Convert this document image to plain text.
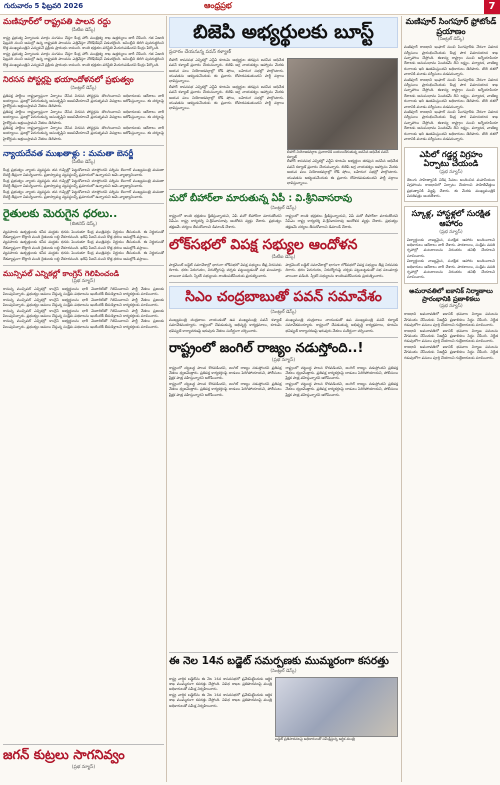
గురువారం 5 ఫిబ్రవరి 2026	ఆంధ్రప్రభ	7
మణిపూర్‌లో రాష్ట్రపతి పాలన రద్దు
(పీటీఐ డెస్క్)

రాష్ట్ర ప్రభుత్వ ఏర్పాటుకు మార్గం సుగమం చేస్తూ కేంద్ర హోం మంత్రిత్వ శాఖ ఉత్తర్వులు జారీ చేసింది. గత ఏడాది ఫిబ్రవరి నుంచి అమల్లో ఉన్న రాష్ట్రపతి పాలనను ఎత్తివేస్తూ నోటిఫికేషన్ విడుదలైంది. అసెంబ్లీని తిరిగి పునరుద్ధరించి కొత్త ముఖ్యమంత్రిని ఎన్నుకునే ప్రక్రియ ప్రారంభం కానుంది. శాంతి భద్రతల పరిస్థితి మెరుగుపడిందని కేంద్రం పేర్కొంది.

రాష్ట్ర ప్రభుత్వ ఏర్పాటుకు మార్గం సుగమం చేస్తూ కేంద్ర హోం మంత్రిత్వ శాఖ ఉత్తర్వులు జారీ చేసింది. గత ఏడాది ఫిబ్రవరి నుంచి అమల్లో ఉన్న రాష్ట్రపతి పాలనను ఎత్తివేస్తూ నోటిఫికేషన్ విడుదలైంది. అసెంబ్లీని తిరిగి పునరుద్ధరించి కొత్త ముఖ్యమంత్రిని ఎన్నుకునే ప్రక్రియ ప్రారంభం కానుంది. శాంతి భద్రతల పరిస్థితి మెరుగుపడిందని కేంద్రం పేర్కొంది.

నిరసన పోస్టర్లపై భయాందోళనలో ప్రభుత్వం
(సెంట్రల్ డెస్క్)

ప్రతిపక్ష పార్టీలు రాష్ట్రవ్యాప్తంగా ఏర్పాటు చేసిన నిరసన పోస్టర్లను తొలగించాలని అధికారులకు ఆదేశాలు జారీ అయ్యాయి. ప్రజల్లో పెరుగుతున్న అసంతృప్తిని అణచివేయాలనే ప్రయత్నమని విపక్షాలు ఆరోపిస్తున్నాయి. ఈ చర్యలపై హైకోర్టును ఆశ్రయిస్తామని నేతలు తెలిపారు.

ప్రతిపక్ష పార్టీలు రాష్ట్రవ్యాప్తంగా ఏర్పాటు చేసిన నిరసన పోస్టర్లను తొలగించాలని అధికారులకు ఆదేశాలు జారీ అయ్యాయి. ప్రజల్లో పెరుగుతున్న అసంతృప్తిని అణచివేయాలనే ప్రయత్నమని విపక్షాలు ఆరోపిస్తున్నాయి. ఈ చర్యలపై హైకోర్టును ఆశ్రయిస్తామని నేతలు తెలిపారు.

ప్రతిపక్ష పార్టీలు రాష్ట్రవ్యాప్తంగా ఏర్పాటు చేసిన నిరసన పోస్టర్లను తొలగించాలని అధికారులకు ఆదేశాలు జారీ అయ్యాయి. ప్రజల్లో పెరుగుతున్న అసంతృప్తిని అణచివేయాలనే ప్రయత్నమని విపక్షాలు ఆరోపిస్తున్నాయి. ఈ చర్యలపై హైకోర్టును ఆశ్రయిస్తామని నేతలు తెలిపారు.

న్యాయదేవత ముఖతాళ్లు : మమతా బెనర్జీ
(పీటీఐ డెస్క్)

కేంద్ర ప్రభుత్వం న్యాయ వ్యవస్థను తన గుప్పిట్లో పెట్టుకోవాలని చూస్తోందని పశ్చిమ బెంగాల్ ముఖ్యమంత్రి మమతా బెనర్జీ తీవ్రంగా విమర్శించారు. ప్రజాస్వామ్య వ్యవస్థలన్నీ ప్రమాదంలో ఉన్నాయని ఆమె వ్యాఖ్యానించారు.

కేంద్ర ప్రభుత్వం న్యాయ వ్యవస్థను తన గుప్పిట్లో పెట్టుకోవాలని చూస్తోందని పశ్చిమ బెంగాల్ ముఖ్యమంత్రి మమతా బెనర్జీ తీవ్రంగా విమర్శించారు. ప్రజాస్వామ్య వ్యవస్థలన్నీ ప్రమాదంలో ఉన్నాయని ఆమె వ్యాఖ్యానించారు.

కేంద్ర ప్రభుత్వం న్యాయ వ్యవస్థను తన గుప్పిట్లో పెట్టుకోవాలని చూస్తోందని పశ్చిమ బెంగాల్ ముఖ్యమంత్రి మమతా బెనర్జీ తీవ్రంగా విమర్శించారు. ప్రజాస్వామ్య వ్యవస్థలన్నీ ప్రమాదంలో ఉన్నాయని ఆమె వ్యాఖ్యానించారు.

రైతులకు మెరుగైన ధరలు..
(బిజినెస్ డెస్క్)

వ్యవసాయ ఉత్పత్తులకు కనీస మద్దతు ధరను పెంచుతూ కేంద్ర మంత్రివర్గం నిర్ణయం తీసుకుంది. ఈ నిర్ణయంతో దేశవ్యాప్తంగా కోట్లాది మంది రైతులకు లబ్ధి చేకూరనుంది. ఖరీఫ్ సీజన్ నుంచి కొత్త ధరలు అమల్లోకి వస్తాయి.

వ్యవసాయ ఉత్పత్తులకు కనీస మద్దతు ధరను పెంచుతూ కేంద్ర మంత్రివర్గం నిర్ణయం తీసుకుంది. ఈ నిర్ణయంతో దేశవ్యాప్తంగా కోట్లాది మంది రైతులకు లబ్ధి చేకూరనుంది. ఖరీఫ్ సీజన్ నుంచి కొత్త ధరలు అమల్లోకి వస్తాయి.

వ్యవసాయ ఉత్పత్తులకు కనీస మద్దతు ధరను పెంచుతూ కేంద్ర మంత్రివర్గం నిర్ణయం తీసుకుంది. ఈ నిర్ణయంతో దేశవ్యాప్తంగా కోట్లాది మంది రైతులకు లబ్ధి చేకూరనుంది. ఖరీఫ్ సీజన్ నుంచి కొత్త ధరలు అమల్లోకి వస్తాయి.

మున్సిపల్ ఎన్నికల్లో కాంగ్రెస్‌ గెలిపించండి
(ప్రభ న్యూస్)

రానున్న మున్సిపల్ ఎన్నికల్లో కాంగ్రెస్ అభ్యర్థులను భారీ మెజారిటీతో గెలిపించాలని పార్టీ నేతలు ప్రజలకు పిలుపునిచ్చారు. ప్రభుత్వం అమలు చేస్తున్న సంక్షేమ పథకాలను ఇంటింటికీ తీసుకెళ్లాలని కార్యకర్తలకు సూచించారు.

రానున్న మున్సిపల్ ఎన్నికల్లో కాంగ్రెస్ అభ్యర్థులను భారీ మెజారిటీతో గెలిపించాలని పార్టీ నేతలు ప్రజలకు పిలుపునిచ్చారు. ప్రభుత్వం అమలు చేస్తున్న సంక్షేమ పథకాలను ఇంటింటికీ తీసుకెళ్లాలని కార్యకర్తలకు సూచించారు.

రానున్న మున్సిపల్ ఎన్నికల్లో కాంగ్రెస్ అభ్యర్థులను భారీ మెజారిటీతో గెలిపించాలని పార్టీ నేతలు ప్రజలకు పిలుపునిచ్చారు. ప్రభుత్వం అమలు చేస్తున్న సంక్షేమ పథకాలను ఇంటింటికీ తీసుకెళ్లాలని కార్యకర్తలకు సూచించారు.

రానున్న మున్సిపల్ ఎన్నికల్లో కాంగ్రెస్ అభ్యర్థులను భారీ మెజారిటీతో గెలిపించాలని పార్టీ నేతలు ప్రజలకు పిలుపునిచ్చారు. ప్రభుత్వం అమలు చేస్తున్న సంక్షేమ పథకాలను ఇంటింటికీ తీసుకెళ్లాలని కార్యకర్తలకు సూచించారు.

జగన్ కుట్రలు సాగనివ్వం
(ప్రభ న్యూస్)
బిజెపి అభ్యర్థులకు బూస్ట్
ప్రచారం చేయనున్న పవన్ కళ్యాణ్

బీహార్ శాసనసభ ఎన్నికల్లో ఎన్డీఏ కూటమి అభ్యర్థుల తరఫున జనసేన అధినేత పవన్ కళ్యాణ్ ప్రచారం చేయనున్నారు. బిజెపి అగ్ర నాయకత్వం ఆహ్వానం మేరకు ఆయన పలు నియోజకవర్గాల్లో రోడ్ షోలు, బహిరంగ సభల్లో పాల్గొంటారు. యువతను ఆకట్టుకునేందుకు ఈ ప్రచారం దోహదపడుతుందని పార్టీ వర్గాలు భావిస్తున్నాయి.

బీహార్ శాసనసభ ఎన్నికల్లో ఎన్డీఏ కూటమి అభ్యర్థుల తరఫున జనసేన అధినేత పవన్ కళ్యాణ్ ప్రచారం చేయనున్నారు. బిజెపి అగ్ర నాయకత్వం ఆహ్వానం మేరకు ఆయన పలు నియోజకవర్గాల్లో రోడ్ షోలు, బహిరంగ సభల్లో పాల్గొంటారు. యువతను ఆకట్టుకునేందుకు ఈ ప్రచారం దోహదపడుతుందని పార్టీ వర్గాలు భావిస్తున్నాయి.

బిహార్ నియోజకవర్గాల ప్రచారానికి బయలుదేరుతున్న జనసేన అధినేత పవన్ కళ్యాణ్

బీహార్ శాసనసభ ఎన్నికల్లో ఎన్డీఏ కూటమి అభ్యర్థుల తరఫున జనసేన అధినేత పవన్ కళ్యాణ్ ప్రచారం చేయనున్నారు. బిజెపి అగ్ర నాయకత్వం ఆహ్వానం మేరకు ఆయన పలు నియోజకవర్గాల్లో రోడ్ షోలు, బహిరంగ సభల్లో పాల్గొంటారు. యువతను ఆకట్టుకునేందుకు ఈ ప్రచారం దోహదపడుతుందని పార్టీ వర్గాలు భావిస్తున్నాయి.

మరో బీహార్‌లా మారుతున్న ఏపీ : వి.శ్రీనివాసరావు
(సెంట్రల్ డెస్క్)

రాష్ట్రంలో శాంతి భద్రతలు క్షీణిస్తున్నాయని, ఏపీ మరో బీహార్‌లా మారుతోందని సీపీఎం రాష్ట్ర కార్యదర్శి వి.శ్రీనివాసరావు ఆందోళన వ్యక్తం చేశారు. ప్రభుత్వం తక్షణమే చర్యలు తీసుకోవాలని డిమాండ్ చేశారు.

రాష్ట్రంలో శాంతి భద్రతలు క్షీణిస్తున్నాయని, ఏపీ మరో బీహార్‌లా మారుతోందని సీపీఎం రాష్ట్ర కార్యదర్శి వి.శ్రీనివాసరావు ఆందోళన వ్యక్తం చేశారు. ప్రభుత్వం తక్షణమే చర్యలు తీసుకోవాలని డిమాండ్ చేశారు.

లోక్‌సభలో విపక్ష సభ్యుల ఆందోళన
(పీటీఐ డెస్క్)

పార్లమెంట్ బడ్జెట్ సమావేశాల్లో భాగంగా లోక్‌సభలో విపక్ష సభ్యులు తీవ్ర నిరసనకు దిగారు. ధరల పెరుగుదల, నిరుద్యోగంపై చర్చకు పట్టుబట్టడంతో సభ పలుమార్లు వాయిదా పడింది. స్పీకర్ సభ్యులను శాంతింపజేసేందుకు ప్రయత్నించారు.

పార్లమెంట్ బడ్జెట్ సమావేశాల్లో భాగంగా లోక్‌సభలో విపక్ష సభ్యులు తీవ్ర నిరసనకు దిగారు. ధరల పెరుగుదల, నిరుద్యోగంపై చర్చకు పట్టుబట్టడంతో సభ పలుమార్లు వాయిదా పడింది. స్పీకర్ సభ్యులను శాంతింపజేసేందుకు ప్రయత్నించారు.

సిఎం చంద్రబాబుతో పవన్ సమావేశం
(సెంట్రల్ డెస్క్)

ముఖ్యమంత్రి చంద్రబాబు నాయుడుతో ఉప ముఖ్యమంత్రి పవన్ కళ్యాణ్ సమావేశమయ్యారు. రాష్ట్రంలో చేపడుతున్న అభివృద్ధి కార్యక్రమాలు, కూటమి భవిష్యత్ కార్యాచరణపై ఇరువురు నేతలు సుదీర్ఘంగా చర్చించారు.

ముఖ్యమంత్రి చంద్రబాబు నాయుడుతో ఉప ముఖ్యమంత్రి పవన్ కళ్యాణ్ సమావేశమయ్యారు. రాష్ట్రంలో చేపడుతున్న అభివృద్ధి కార్యక్రమాలు, కూటమి భవిష్యత్ కార్యాచరణపై ఇరువురు నేతలు సుదీర్ఘంగా చర్చించారు.

రాష్ట్రంలో జంగిల్ రాజ్యం నడుస్తోంది..!
(ప్రభ న్యూస్)

రాష్ట్రంలో చట్టబద్ధ పాలన కొరవడిందని, జంగిల్ రాజ్యం నడుస్తోందని ప్రతిపక్ష నేతలు ధ్వజమెత్తారు. ప్రతిపక్ష కార్యకర్తలపై దాడులు పెరిగిపోయాయని, పోలీసులు ప్రేక్షక పాత్ర వహిస్తున్నారని ఆరోపించారు.

రాష్ట్రంలో చట్టబద్ధ పాలన కొరవడిందని, జంగిల్ రాజ్యం నడుస్తోందని ప్రతిపక్ష నేతలు ధ్వజమెత్తారు. ప్రతిపక్ష కార్యకర్తలపై దాడులు పెరిగిపోయాయని, పోలీసులు ప్రేక్షక పాత్ర వహిస్తున్నారని ఆరోపించారు.

రాష్ట్రంలో చట్టబద్ధ పాలన కొరవడిందని, జంగిల్ రాజ్యం నడుస్తోందని ప్రతిపక్ష నేతలు ధ్వజమెత్తారు. ప్రతిపక్ష కార్యకర్తలపై దాడులు పెరిగిపోయాయని, పోలీసులు ప్రేక్షక పాత్ర వహిస్తున్నారని ఆరోపించారు.

రాష్ట్రంలో చట్టబద్ధ పాలన కొరవడిందని, జంగిల్ రాజ్యం నడుస్తోందని ప్రతిపక్ష నేతలు ధ్వజమెత్తారు. ప్రతిపక్ష కార్యకర్తలపై దాడులు పెరిగిపోయాయని, పోలీసులు ప్రేక్షక పాత్ర వహిస్తున్నారని ఆరోపించారు.

ఈ నెల 14న బడ్జెట్ సమర్పణకు ముమ్మరంగా కసరత్తు
(సెంట్రల్ డెస్క్)

రాష్ట్ర వార్షిక బడ్జెట్‌ను ఈ నెల 14న శాసనసభలో ప్రవేశపెట్టేందుకు ఆర్థిక శాఖ ముమ్మరంగా కసరత్తు చేస్తోంది. వివిధ శాఖల ప్రతిపాదనలపై మంత్రి అధికారులతో సమీక్ష నిర్వహించారు.

రాష్ట్ర వార్షిక బడ్జెట్‌ను ఈ నెల 14న శాసనసభలో ప్రవేశపెట్టేందుకు ఆర్థిక శాఖ ముమ్మరంగా కసరత్తు చేస్తోంది. వివిధ శాఖల ప్రతిపాదనలపై మంత్రి అధికారులతో సమీక్ష నిర్వహించారు.

బడ్జెట్ ప్రతిపాదనలపై అధికారులతో సమీక్షిస్తున్న ఆర్థిక మంత్రి
మణిపూర్ సింగపూర్ ఫ్రోటోండ్ ప్రయాణం
(సెంట్రల్ డెస్క్)

మణిపూర్ రాజధాని ఇంఫాల్ నుంచి సింగపూర్‌కు నేరుగా విమాన సర్వీసులు ప్రారంభించేందుకు కేంద్ర పౌర విమానయాన శాఖ సన్నాహాలు చేస్తోంది. ఈశాన్య రాష్ట్రాల నుంచి ఆగ్నేయాసియా దేశాలకు అనుసంధానం పెంచడమే దీని లక్ష్యం. పర్యాటక, వాణిజ్య రంగాలకు ఇది ఊతమిస్తుందని అధికారులు తెలిపారు. తొలి దశలో వారానికి మూడు సర్వీసులు నడపనున్నారు.

మణిపూర్ రాజధాని ఇంఫాల్ నుంచి సింగపూర్‌కు నేరుగా విమాన సర్వీసులు ప్రారంభించేందుకు కేంద్ర పౌర విమానయాన శాఖ సన్నాహాలు చేస్తోంది. ఈశాన్య రాష్ట్రాల నుంచి ఆగ్నేయాసియా దేశాలకు అనుసంధానం పెంచడమే దీని లక్ష్యం. పర్యాటక, వాణిజ్య రంగాలకు ఇది ఊతమిస్తుందని అధికారులు తెలిపారు. తొలి దశలో వారానికి మూడు సర్వీసులు నడపనున్నారు.

మణిపూర్ రాజధాని ఇంఫాల్ నుంచి సింగపూర్‌కు నేరుగా విమాన సర్వీసులు ప్రారంభించేందుకు కేంద్ర పౌర విమానయాన శాఖ సన్నాహాలు చేస్తోంది. ఈశాన్య రాష్ట్రాల నుంచి ఆగ్నేయాసియా దేశాలకు అనుసంధానం పెంచడమే దీని లక్ష్యం. పర్యాటక, వాణిజ్య రంగాలకు ఇది ఊతమిస్తుందని అధికారులు తెలిపారు. తొలి దశలో వారానికి మూడు సర్వీసులు నడపనున్నారు.

ఎపిలో గడ్డర్ల విగ్రహం ఏర్పాటు చేయండి
(ప్రభ న్యూస్)

తెలుగు సాహిత్యానికి విశేష సేవలు అందించిన మహనీయుల విగ్రహాలను రాజధానిలో ఏర్పాటు చేయాలని సాహితీవేత్తలు ప్రభుత్వానికి విజ్ఞప్తి చేశారు. ఈ మేరకు ముఖ్యమంత్రికి వినతిపత్రం అందజేశారు.

స్కూళ్ల, హాస్టళ్లలో సురక్షిత ఆహారం
(ప్రభ న్యూస్)

విద్యార్థులకు నాణ్యమైన, సురక్షిత ఆహారం అందించాలని అధికారులు ఆదేశాలు జారీ చేశారు. పాఠశాలలు, సంక్షేమ వసతి గృహాల్లో వంటశాలలను నిరంతరం తనిఖీ చేయాలని సూచించారు.

విద్యార్థులకు నాణ్యమైన, సురక్షిత ఆహారం అందించాలని అధికారులు ఆదేశాలు జారీ చేశారు. పాఠశాలలు, సంక్షేమ వసతి గృహాల్లో వంటశాలలను నిరంతరం తనిఖీ చేయాలని సూచించారు.

అమరావతిలో ఐకానిక్ నిర్మాణాలు ప్రారంభానికి ప్రణాళికలు
(ప్రభ న్యూస్)

రాజధాని అమరావతిలో ఐకానిక్ భవనాల నిర్మాణ పనులను వేగవంతం చేసేందుకు సీఆర్డీఏ ప్రణాళికలు సిద్ధం చేసింది. నిర్ణీత గడువులోగా పనులు పూర్తి చేయాలని గుత్తేదారులకు సూచించారు.

రాజధాని అమరావతిలో ఐకానిక్ భవనాల నిర్మాణ పనులను వేగవంతం చేసేందుకు సీఆర్డీఏ ప్రణాళికలు సిద్ధం చేసింది. నిర్ణీత గడువులోగా పనులు పూర్తి చేయాలని గుత్తేదారులకు సూచించారు.

రాజధాని అమరావతిలో ఐకానిక్ భవనాల నిర్మాణ పనులను వేగవంతం చేసేందుకు సీఆర్డీఏ ప్రణాళికలు సిద్ధం చేసింది. నిర్ణీత గడువులోగా పనులు పూర్తి చేయాలని గుత్తేదారులకు సూచించారు.
